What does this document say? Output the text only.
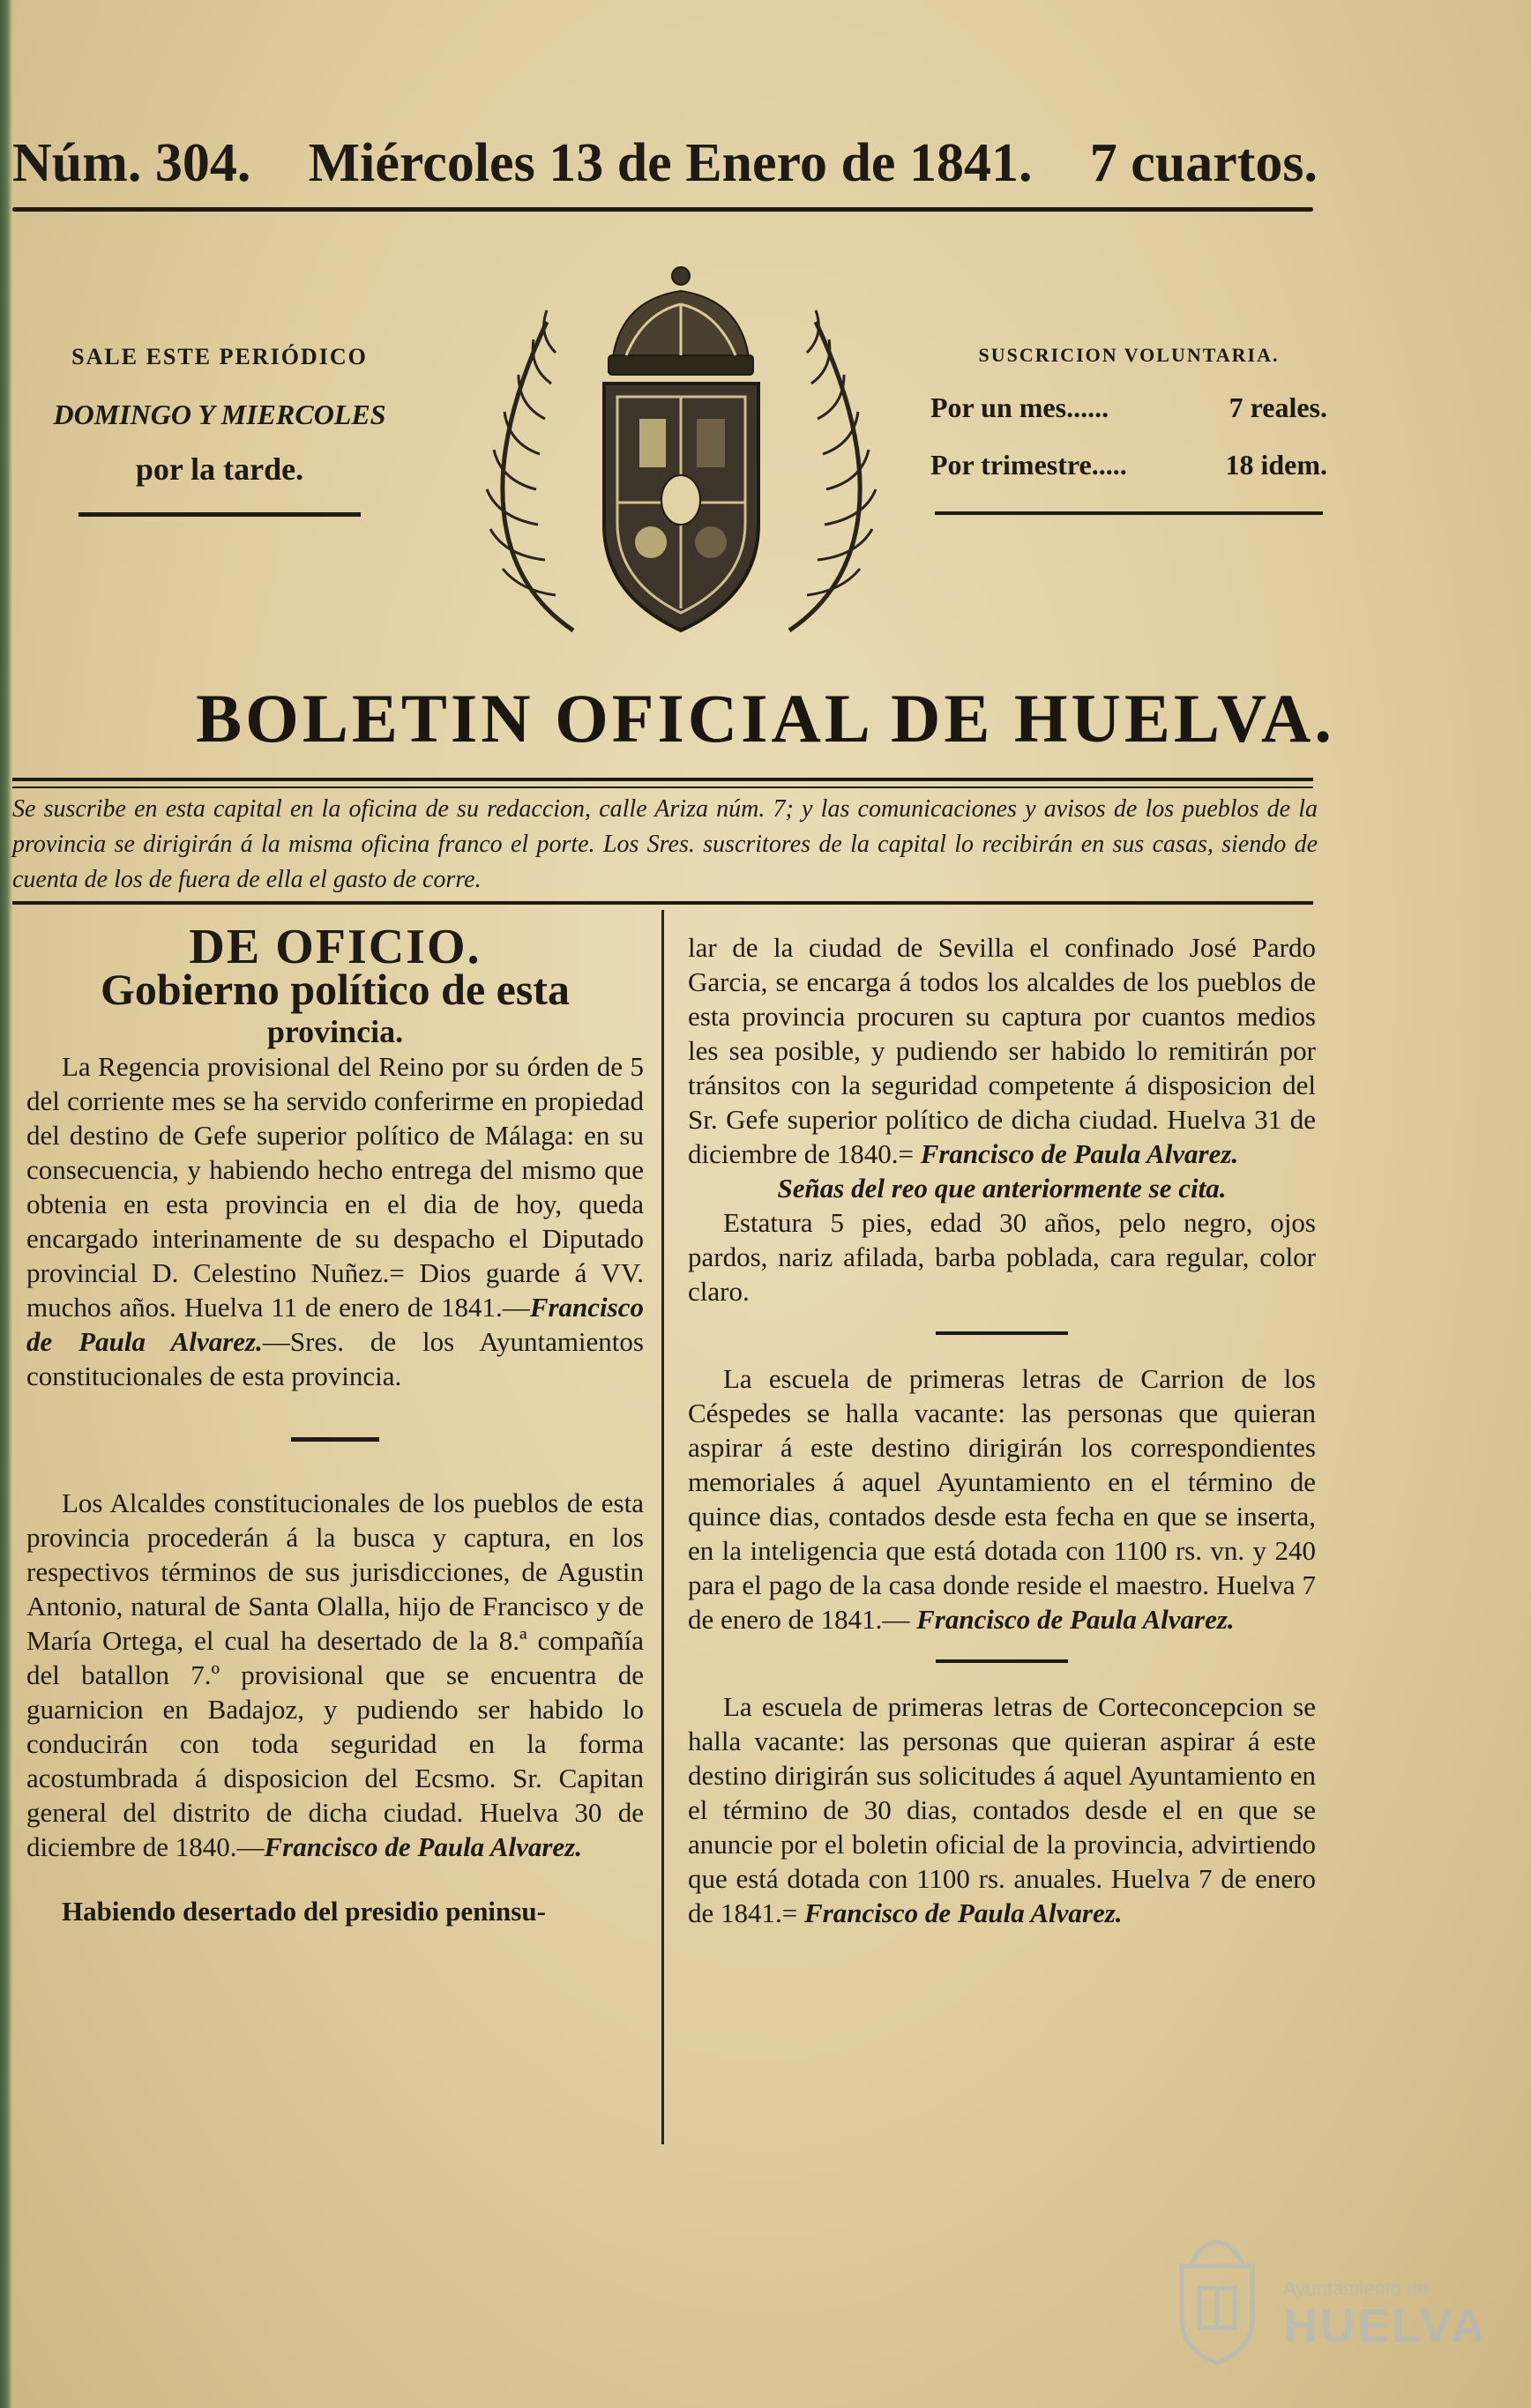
Núm. 304. Miércoles 13 de Enero de 1841. 7 cuartos.
SALE ESTE PERIÓDICO
DOMINGO Y MIERCOLES
por la tarde.
SUSCRICION VOLUNTARIA.
Por un mes......	7 reales.
Por trimestre.....	18 idem.
BOLETIN OFICIAL DE HUELVA.
Se suscribe en esta capital en la oficina de su redaccion, calle Ariza núm. 7; y las comunicaciones y avisos de los pueblos de la provincia se dirigirán á la misma oficina franco el porte. Los Sres. suscritores de la capital lo recibirán en sus casas, siendo de cuenta de los de fuera de ella el gasto de corre.

DE OFICIO.

Gobierno político de esta

provincia.

La Regencia provisional del Reino por su órden de 5 del corriente mes se ha servido conferirme en propiedad del destino de Gefe superior político de Málaga: en su consecuencia, y habiendo hecho entrega del mismo que obtenia en esta provincia en el dia de hoy, queda encargado interinamente de su despacho el Diputado provincial D. Celestino Nuñez.= Dios guarde á VV. muchos años. Huelva 11 de enero de 1841.—Francisco de Paula Alvarez.—Sres. de los Ayuntamientos constitucionales de esta provincia.

Los Alcaldes constitucionales de los pueblos de esta provincia procederán á la busca y captura, en los respectivos términos de sus jurisdicciones, de Agustin Antonio, natural de Santa Olalla, hijo de Francisco y de María Ortega, el cual ha desertado de la 8.ª compañía del batallon 7.º provisional que se encuentra de guarnicion en Badajoz, y pudiendo ser habido lo conducirán con toda seguridad en la forma acostumbrada á disposicion del Ecsmo. Sr. Capitan general del distrito de dicha ciudad. Huelva 30 de diciembre de 1840.—Francisco de Paula Alvarez.

Habiendo desertado del presidio peninsu-

lar de la ciudad de Sevilla el confinado José Pardo Garcia, se encarga á todos los alcaldes de los pueblos de esta provincia procuren su captura por cuantos medios les sea posible, y pudiendo ser habido lo remitirán por tránsitos con la seguridad competente á disposicion del Sr. Gefe superior político de dicha ciudad. Huelva 31 de diciembre de 1840.= Francisco de Paula Alvarez.

Señas del reo que anteriormente se cita.

Estatura 5 pies, edad 30 años, pelo negro, ojos pardos, nariz afilada, barba poblada, cara regular, color claro.

La escuela de primeras letras de Carrion de los Céspedes se halla vacante: las personas que quieran aspirar á este destino dirigirán los correspondientes memoriales á aquel Ayuntamiento en el término de quince dias, contados desde esta fecha en que se inserta, en la inteligencia que está dotada con 1100 rs. vn. y 240 para el pago de la casa donde reside el maestro. Huelva 7 de enero de 1841.— Francisco de Paula Alvarez.

La escuela de primeras letras de Corteconcepcion se halla vacante: las personas que quieran aspirar á este destino dirigirán sus solicitudes á aquel Ayuntamiento en el término de 30 dias, contados desde el en que se anuncie por el boletin oficial de la provincia, advirtiendo que está dotada con 1100 rs. anuales. Huelva 7 de enero de 1841.= Francisco de Paula Alvarez.

Ayuntamiento de
HUELVA
